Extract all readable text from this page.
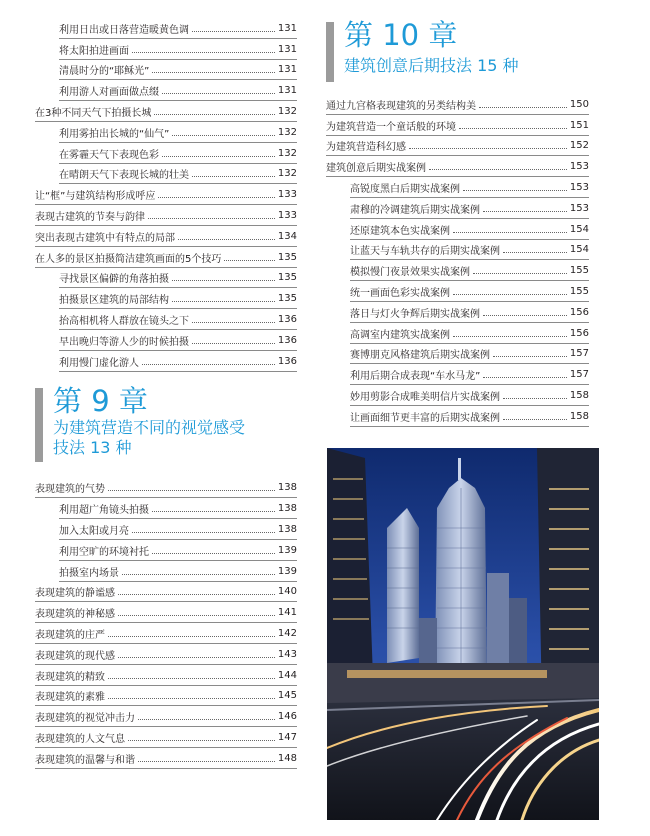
利用日出或日落营造暖黄色调	131
将太阳拍进画面	131
清晨时分的“耶稣光”	131
利用游人对画面做点缀	131
在3种不同天气下拍摄长城	132
利用雾拍出长城的“仙气”	132
在雾霾天气下表现色彩	132
在晴朗天气下表现长城的壮美	132
让“框”与建筑结构形成呼应	133
表现古建筑的节奏与韵律	133
突出表现古建筑中有特点的局部	134
在人多的景区拍摄简洁建筑画面的5个技巧	135
寻找景区偏僻的角落拍摄	135
拍摄景区建筑的局部结构	135
抬高相机将人群放在镜头之下	136
早出晚归等游人少的时候拍摄	136
利用慢门虚化游人	136
第 9 章
为建筑营造不同的视觉感受
技法 13 种
表现建筑的气势	138
利用超广角镜头拍摄	138
加入太阳或月亮	138
利用空旷的环境衬托	139
拍摄室内场景	139
表现建筑的静谧感	140
表现建筑的神秘感	141
表现建筑的庄严	142
表现建筑的现代感	143
表现建筑的精致	144
表现建筑的素雅	145
表现建筑的视觉冲击力	146
表现建筑的人文气息	147
表现建筑的温馨与和谐	148
第 10 章
建筑创意后期技法 15 种
通过九宫格表现建筑的另类结构美	150
为建筑营造一个童话般的环境	151
为建筑营造科幻感	152
建筑创意后期实战案例	153
高锐度黑白后期实战案例	153
肃穆的冷调建筑后期实战案例	153
还原建筑本色实战案例	154
让蓝天与车轨共存的后期实战案例	154
模拟慢门夜景效果实战案例	155
统一画面色彩实战案例	155
落日与灯火争辉后期实战案例	156
高调室内建筑实战案例	156
赛博朋克风格建筑后期实战案例	157
利用后期合成表现“车水马龙”	157
妙用剪影合成唯美明信片实战案例	158
让画面细节更丰富的后期实战案例	158
